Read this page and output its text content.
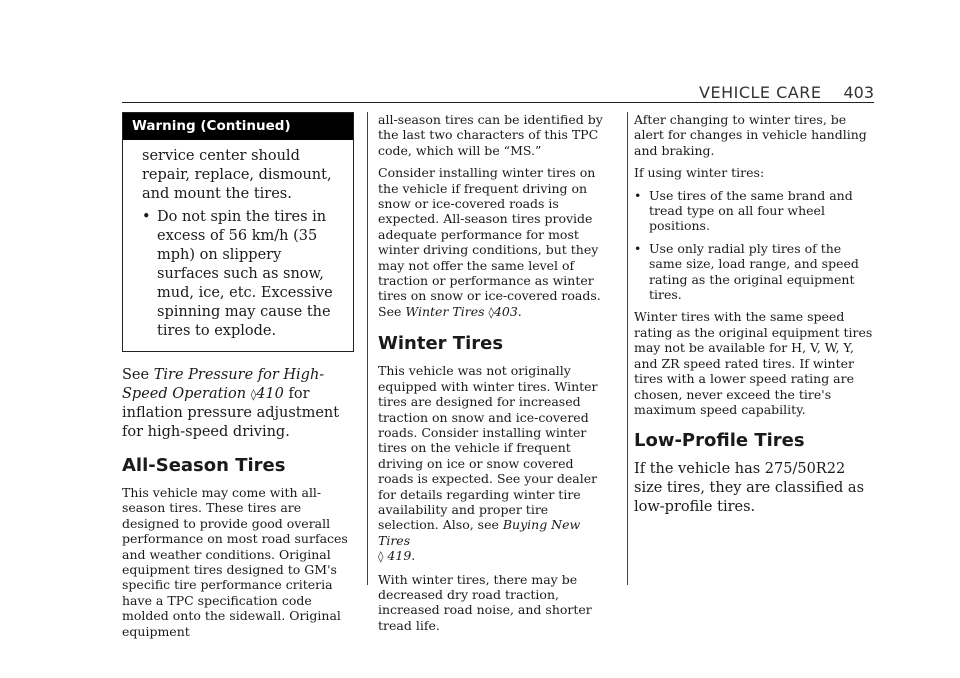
VEHICLE CARE 403
Warning (Continued)

service center should repair, replace, dismount, and mount the tires.

• Do not spin the tires in excess of 56 km/h (35 mph) on slippery surfaces such as snow, mud, ice, etc. Excessive spinning may cause the tires to explode.

See Tire Pressure for High-Speed Operation ◊410 for inflation pressure adjustment for high-speed driving.

All-Season Tires

This vehicle may come with all-season tires. These tires are designed to provide good overall performance on most road surfaces and weather conditions. Original equipment tires designed to GM's specific tire performance criteria have a TPC specification code molded onto the sidewall. Original equipment

all-season tires can be identified by the last two characters of this TPC code, which will be “MS.”

Consider installing winter tires on the vehicle if frequent driving on snow or ice-covered roads is expected. All-season tires provide adequate performance for most winter driving conditions, but they may not offer the same level of traction or performance as winter tires on snow or ice-covered roads. See Winter Tires ◊403.

Winter Tires

This vehicle was not originally equipped with winter tires. Winter tires are designed for increased traction on snow and ice-covered roads. Consider installing winter tires on the vehicle if frequent driving on ice or snow covered roads is expected. See your dealer for details regarding winter tire availability and proper tire selection. Also, see Buying New Tires
◊ 419.

With winter tires, there may be decreased dry road traction, increased road noise, and shorter tread life.

After changing to winter tires, be alert for changes in vehicle handling and braking.

If using winter tires:

• Use tires of the same brand and tread type on all four wheel positions.
• Use only radial ply tires of the same size, load range, and speed rating as the original equipment tires.

Winter tires with the same speed rating as the original equipment tires may not be available for H, V, W, Y, and ZR speed rated tires. If winter tires with a lower speed rating are chosen, never exceed the tire's maximum speed capability.

Low-Profile Tires

If the vehicle has 275/50R22 size tires, they are classified as low-profile tires.
